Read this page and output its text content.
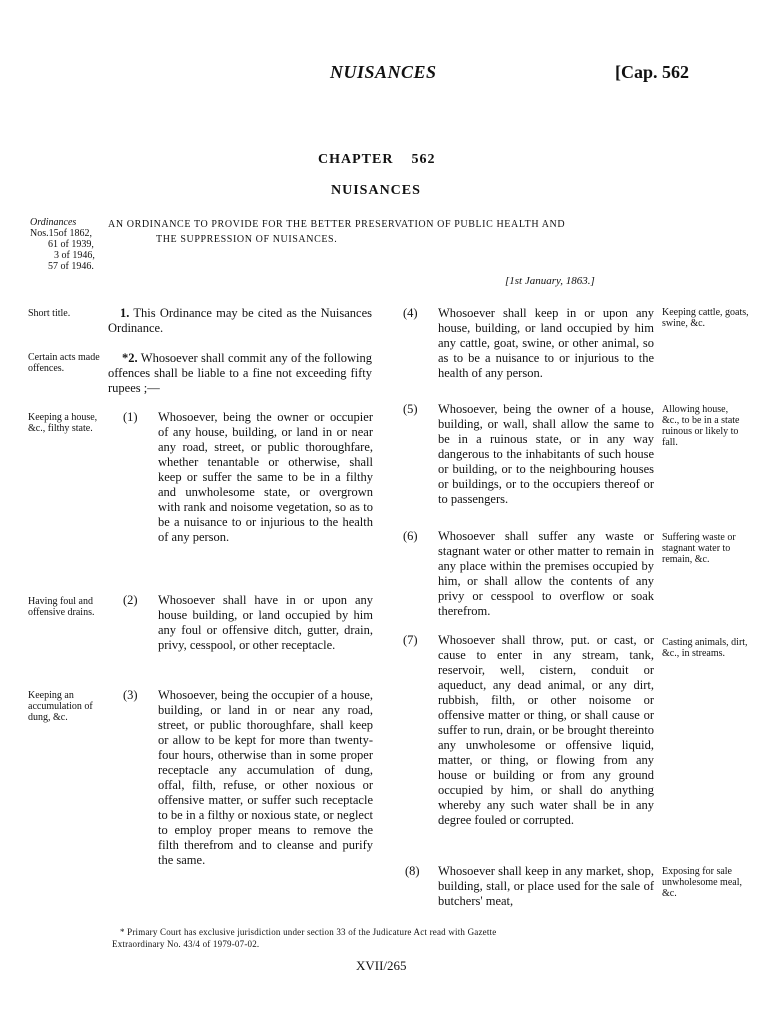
NUISANCES	[Cap. 562
CHAPTER    562
NUISANCES
Ordinances
Nos.15of 1862,
61 of 1939,
3 of 1946,
57 of 1946.
AN ORDINANCE TO PROVIDE FOR THE BETTER PRESERVATION OF PUBLIC HEALTH AND
THE SUPPRESSION OF NUISANCES.
[1st January, 1863.]
Short title.	1. This Ordinance may be cited as the Nuisances Ordinance.
Certain acts made offences.
*2. Whosoever shall commit any of the following offences shall be liable to a fine not exceeding fifty rupees ;—
Keeping a house, &c., filthy state.
(1) Whosoever, being the owner or occupier of any house, building, or land in or near any road, street, or public thoroughfare, whether tenantable or otherwise, shall keep or suffer the same to be in a filthy and unwholesome state, or overgrown with rank and noisome vegetation, so as to be a nuisance to or injurious to the health of any person.
Having foul and offensive drains.
(2) Whosoever shall have in or upon any house building, or land occupied by him any foul or offensive ditch, gutter, drain, privy, cesspool, or other receptacle.
Keeping an accumulation of dung, &c.
(3) Whosoever, being the occupier of a house, building, or land in or near any road, street, or public thoroughfare, shall keep or allow to be kept for more than twenty-four hours, otherwise than in some proper receptacle any accumulation of dung, offal, filth, refuse, or other noxious or offensive matter, or suffer such receptacle to be in a filthy or noxious state, or neglect to employ proper means to remove the filth therefrom and to cleanse and purify the same.
(4) Whosoever shall keep in or upon any house, building, or land occupied by him any cattle, goat, swine, or other animal, so as to be a nuisance to or injurious to the health of any person.
Keeping cattle, goats, swine, &c.
(5) Whosoever, being the owner of a house, building, or wall, shall allow the same to be in a ruinous state, or in any way dangerous to the inhabitants of such house or building, or to the neighbouring houses or buildings, or to the occupiers thereof or to passengers.
Allowing house, &c., to be in a state ruinous or likely to fall.
(6) Whosoever shall suffer any waste or stagnant water or other matter to remain in any place within the premises occupied by him, or shall allow the contents of any privy or cesspool to overflow or soak therefrom.
Suffering waste or stagnant water to remain, &c.
(7) Whosoever shall throw, put. or cast, or cause to enter in any stream, tank, reservoir, well, cistern, conduit or aqueduct, any dead animal, or any dirt, rubbish, filth, or other noisome or offensive matter or thing, or shall cause or suffer to run, drain, or be brought thereinto any unwholesome or offensive liquid, matter, or thing, or flowing from any house or building or from any ground occupied by him, or shall do anything whereby any such water shall be in any degree fouled or corrupted.
Casting animals, dirt, &c., in streams.
(8) Whosoever shall keep in any market, shop, building, stall, or place used for the sale of butchers' meat,
Exposing for sale unwholesome meal, &c.
* Primary Court has exclusive jurisdiction under section 33 of the Judicature Act read with Gazette
Extraordinary No. 43/4 of 1979-07-02.
XVII/265
